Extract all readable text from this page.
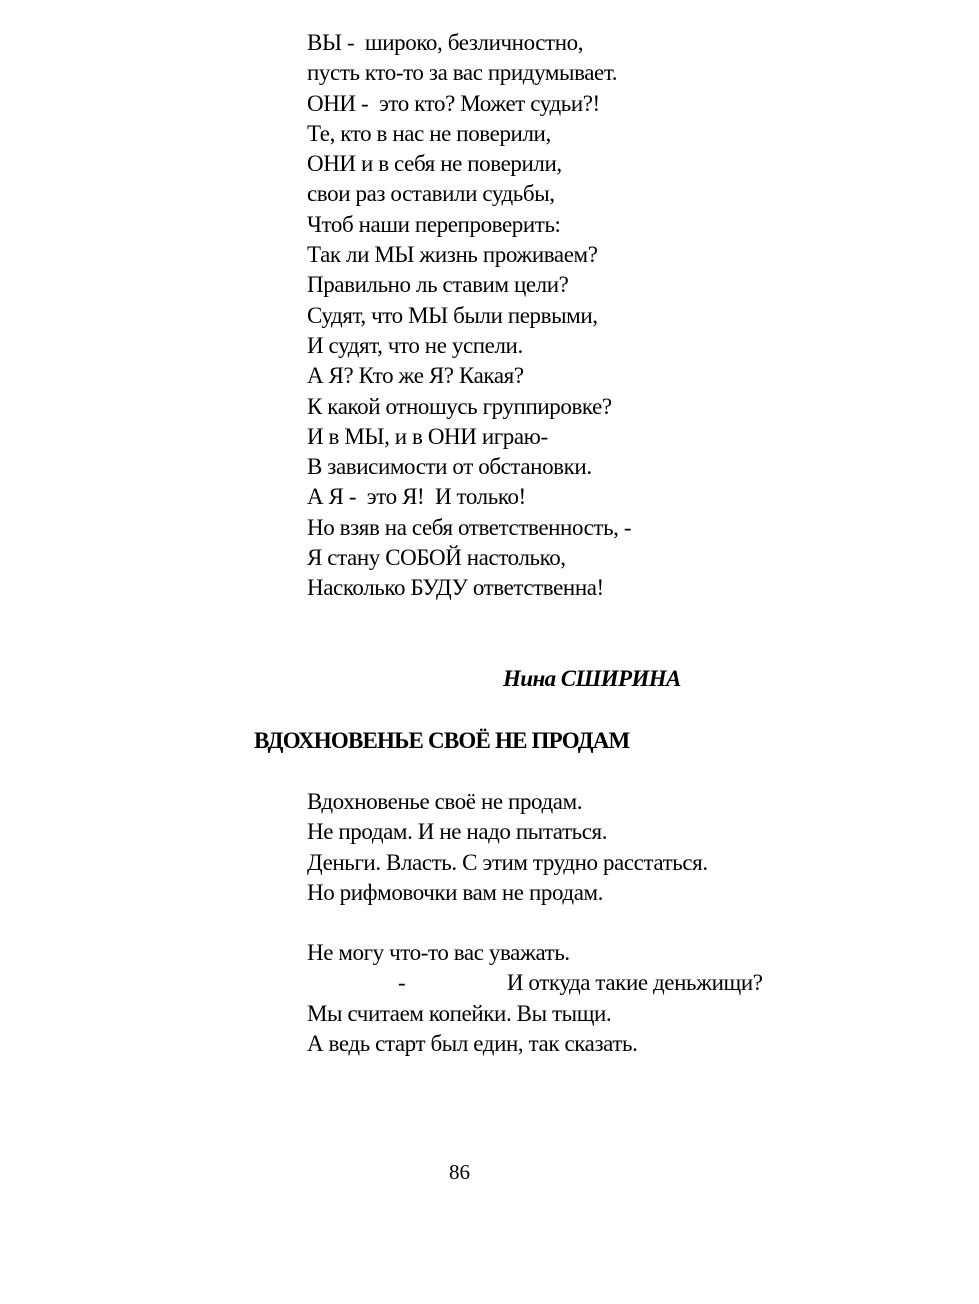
ВЫ -  широко, безличностно,
пусть кто-то за вас придумывает.
ОНИ -  это кто? Может судьи?!
Те, кто в нас не поверили,
ОНИ и в себя не поверили,
свои раз оставили судьбы,
Чтоб наши перепроверить:
Так ли МЫ жизнь проживаем?
Правильно ль ставим цели?
Судят, что МЫ были первыми,
И судят, что не успели.
А Я? Кто же Я? Какая?
К какой отношусь группировке?
И в МЫ, и в ОНИ играю-
В зависимости от обстановки.
А Я -  это Я!  И только!
Но взяв на себя ответственность, -
Я стану СОБОЙ настолько,
Насколько БУДУ ответственна!
Нина СШИРИНА
ВДОХНОВЕНЬЕ СВОЁ НЕ ПРОДАМ
Вдохновенье своё не продам.
Не продам. И не надо пытаться.
Деньги. Власть. С этим трудно расстаться.
Но рифмовочки вам не продам.
Не могу что-то вас уважать.
-                   И откуда такие деньжищи?
Мы считаем копейки. Вы тыщи.
А ведь старт был един, так сказать.
86
